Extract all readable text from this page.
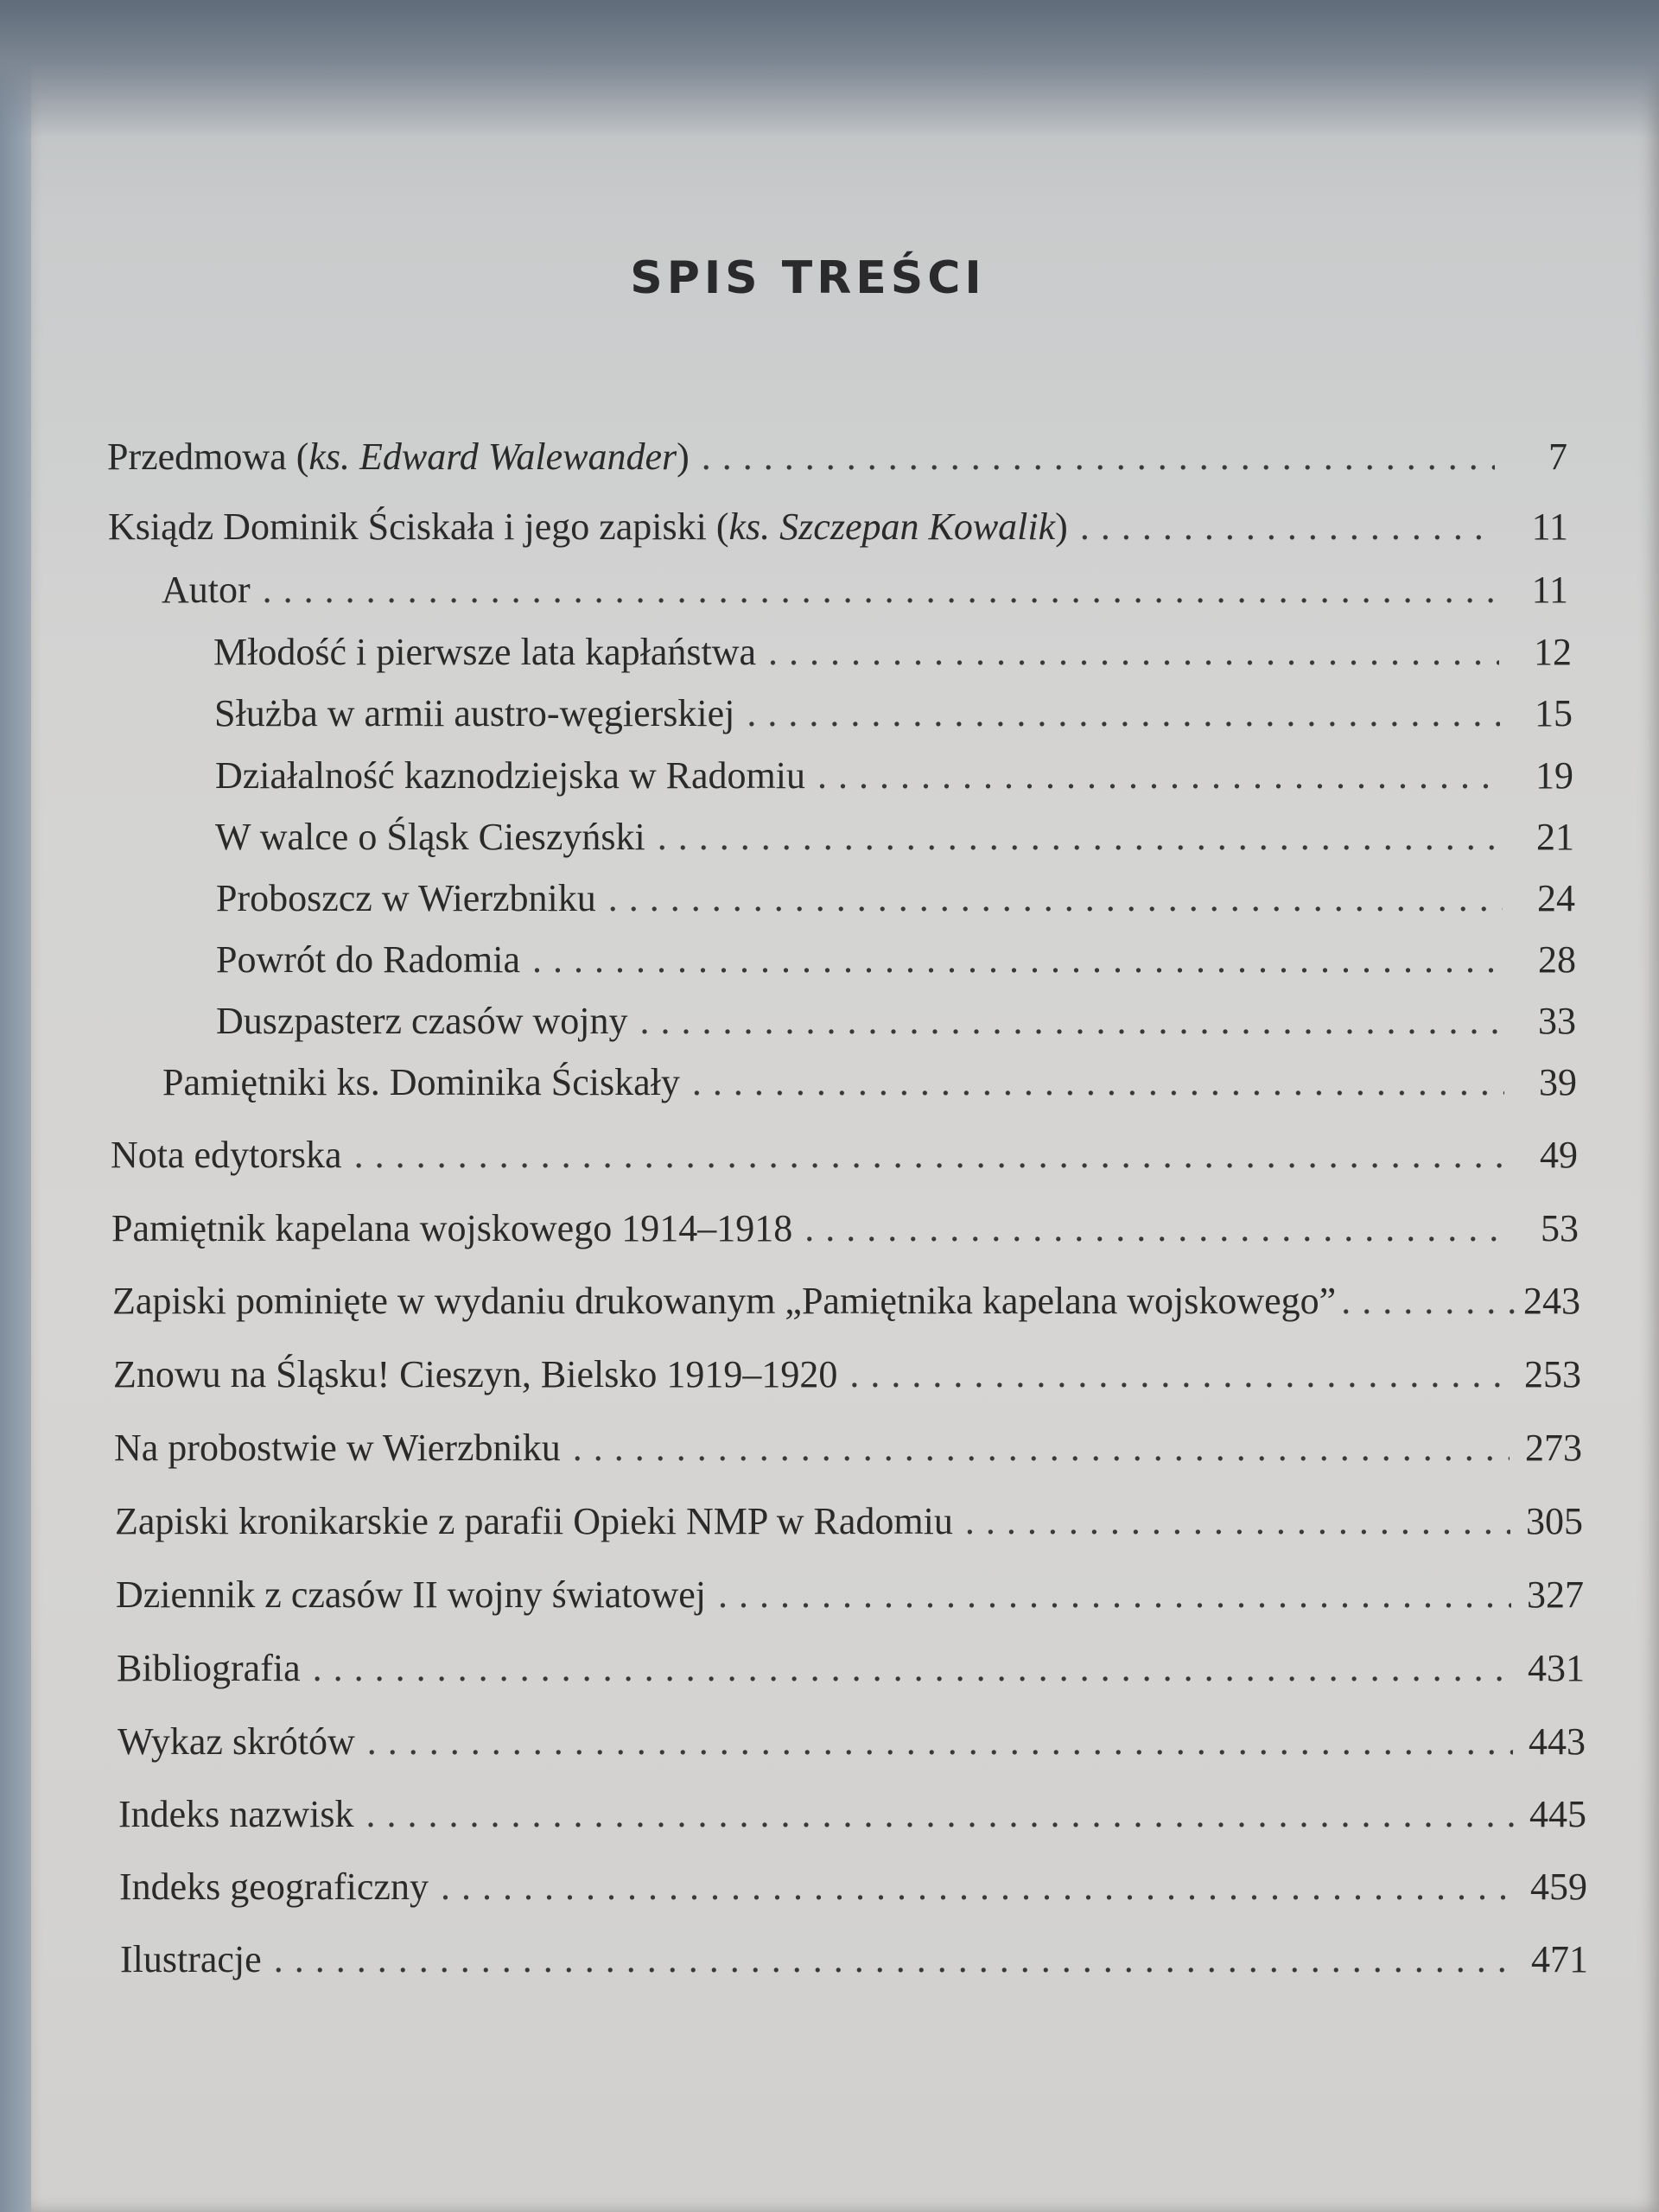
SPIS TREŚCI
Przedmowa (ks. Edward Walewander) . . .	7
Ksiądz Dominik Ściskała i jego zapiski (ks. Szczepan Kowalik) . . .	11
Autor . . .	11
Młodość i pierwsze lata kapłaństwa . . .	12
Służba w armii austro-węgierskiej . . .	15
Działalność kaznodziejska w Radomiu . . .	19
W walce o Śląsk Cieszyński . . .	21
Proboszcz w Wierzbniku . . .	24
Powrót do Radomia . . .	28
Duszpasterz czasów wojny . . .	33
Pamiętniki ks. Dominika Ściskały . . .	39
Nota edytorska . . .	49
Pamiętnik kapelana wojskowego 1914–1918 . . .	53
Zapiski pominięte w wydaniu drukowanym „Pamiętnika kapelana wojskowego” . . .	243
Znowu na Śląsku! Cieszyn, Bielsko 1919–1920 . . .	253
Na probostwie w Wierzbniku . . .	273
Zapiski kronikarskie z parafii Opieki NMP w Radomiu . . .	305
Dziennik z czasów II wojny światowej . . .	327
Bibliografia . . .	431
Wykaz skrótów . . .	443
Indeks nazwisk . . .	445
Indeks geograficzny . . .	459
Ilustracje . . .	471
